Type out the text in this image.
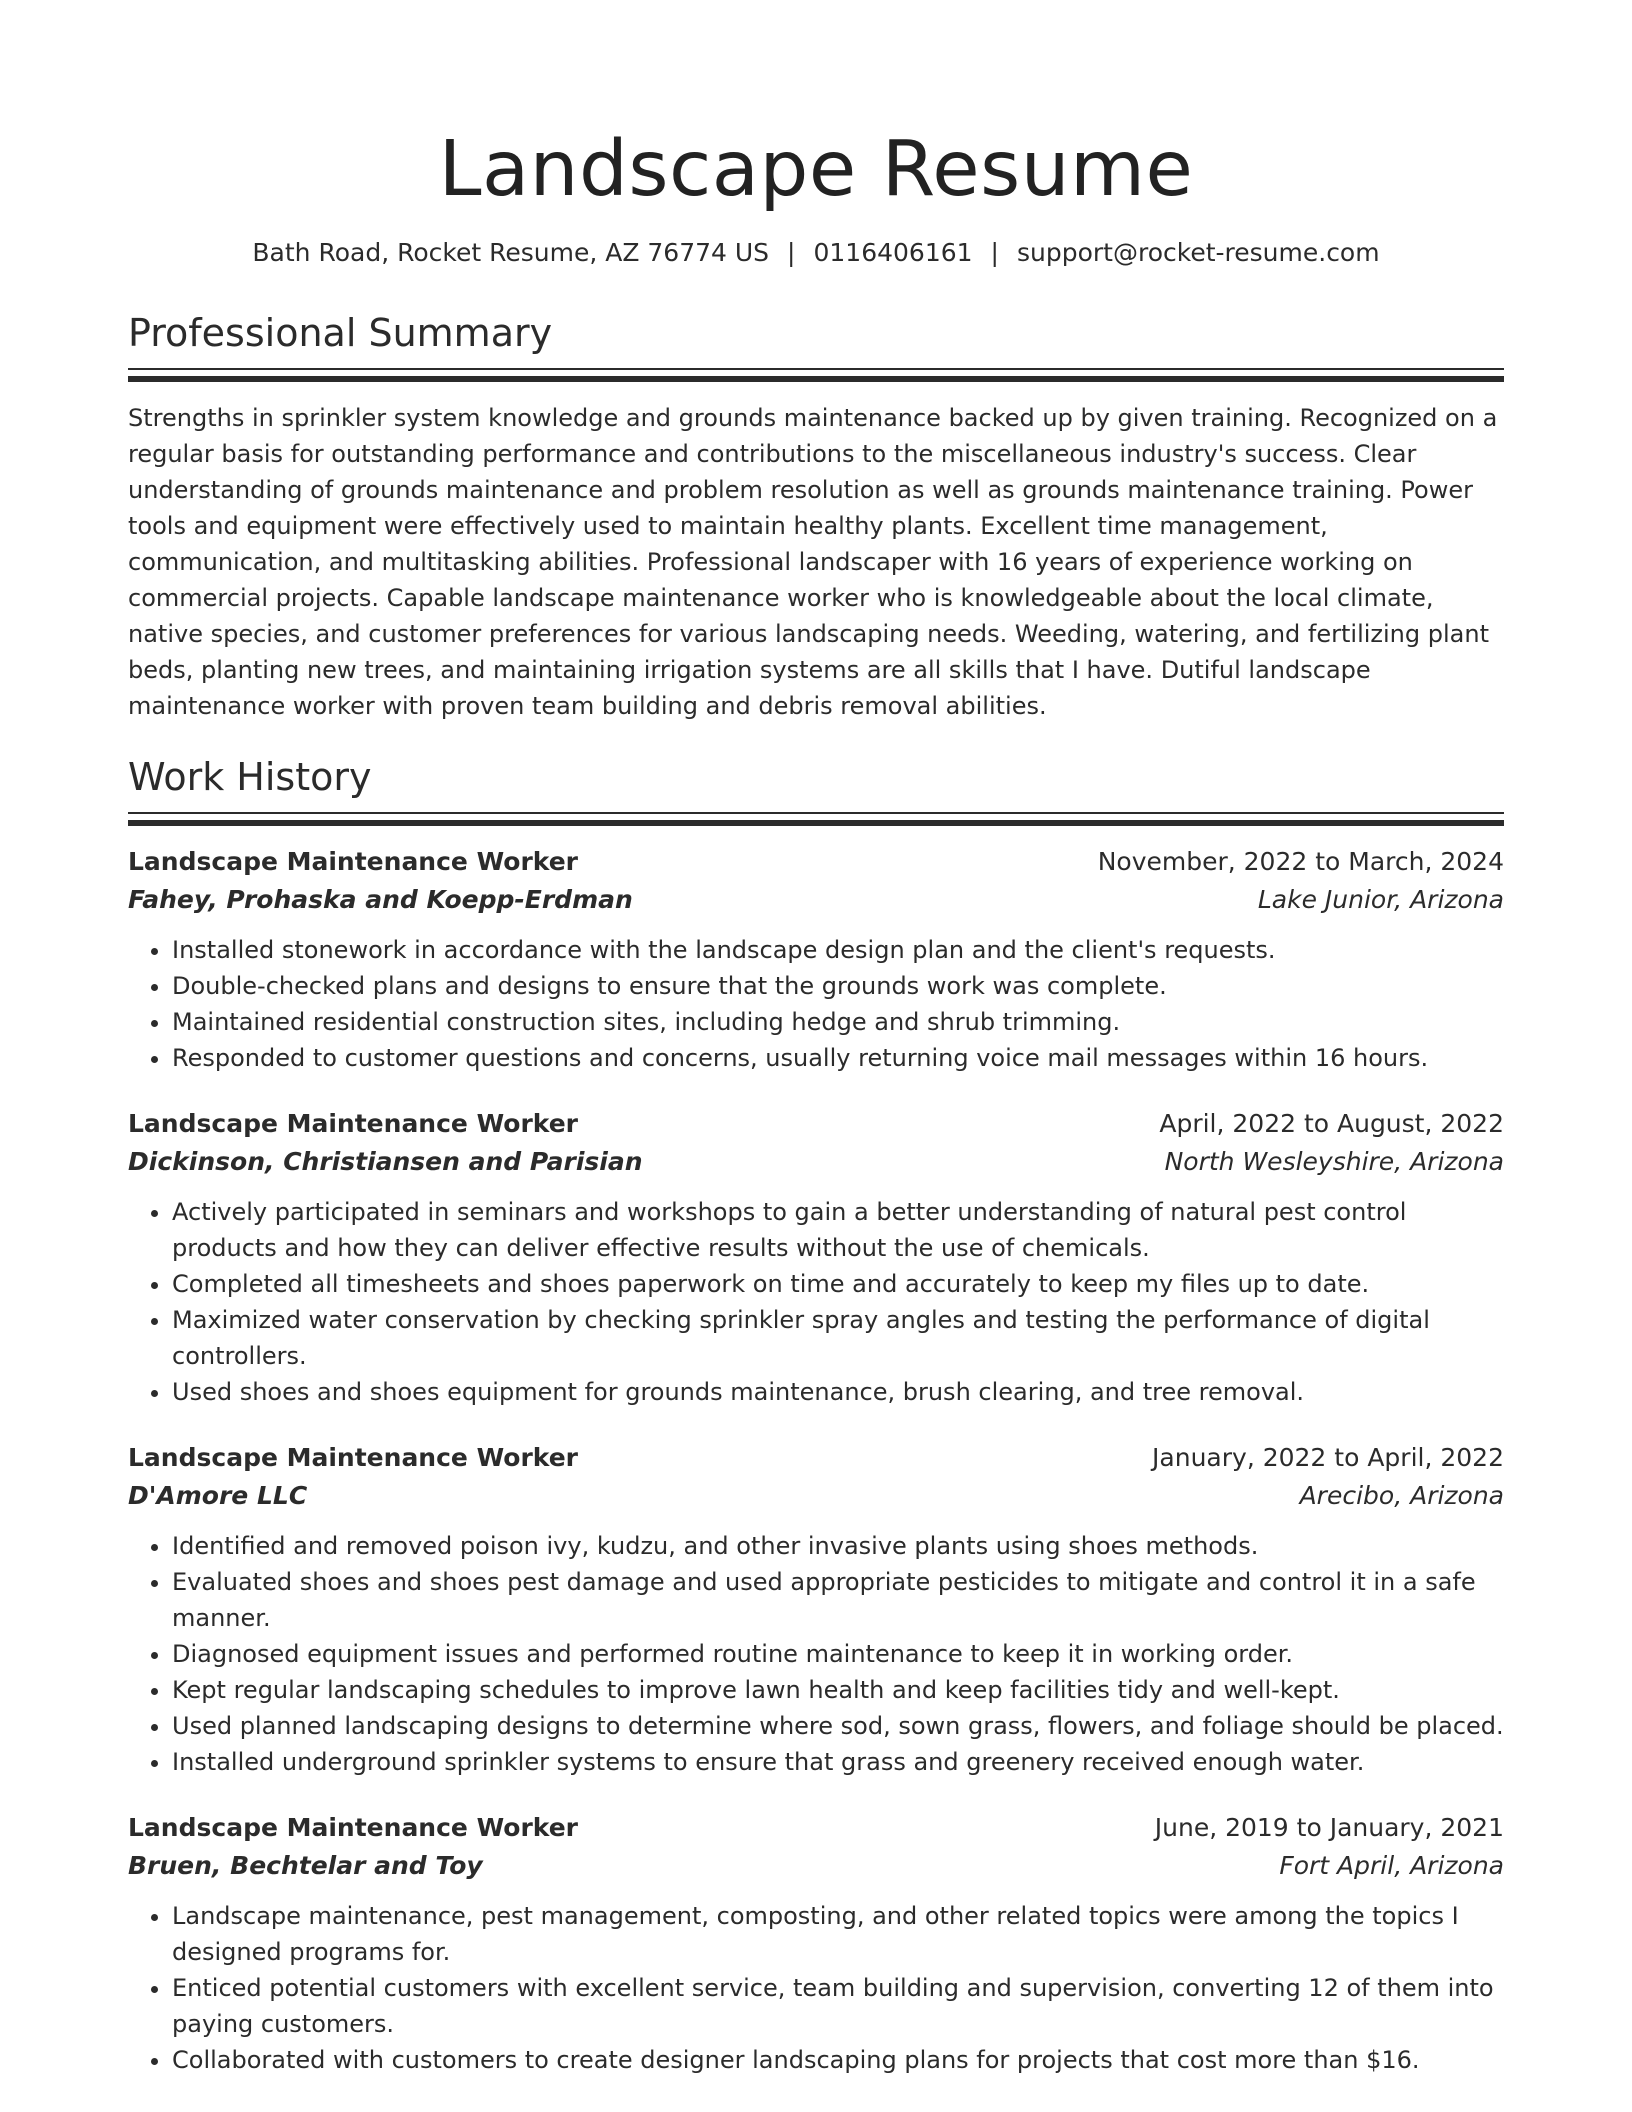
Landscape Resume
Bath Road, Rocket Resume, AZ 76774 US | 0116406161 | support@rocket-resume.com
Professional Summary

Strengths in sprinkler system knowledge and grounds maintenance backed up by given training. Recognized on a regular basis for outstanding performance and contributions to the miscellaneous industry's success. Clear understanding of grounds maintenance and problem resolution as well as grounds maintenance training. Power tools and equipment were effectively used to maintain healthy plants. Excellent time management, communication, and multitasking abilities. Professional landscaper with 16 years of experience working on commercial projects. Capable landscape maintenance worker who is knowledgeable about the local climate, native species, and customer preferences for various landscaping needs. Weeding, watering, and fertilizing plant beds, planting new trees, and maintaining irrigation systems are all skills that I have. Dutiful landscape maintenance worker with proven team building and debris removal abilities.

Work History
Landscape Maintenance Worker	November, 2022 to March, 2024
Fahey, Prohaska and Koepp-Erdman	Lake Junior, Arizona
• Installed stonework in accordance with the landscape design plan and the client's requests.
• Double-checked plans and designs to ensure that the grounds work was complete.
• Maintained residential construction sites, including hedge and shrub trimming.
• Responded to customer questions and concerns, usually returning voice mail messages within 16 hours.
Landscape Maintenance Worker	April, 2022 to August, 2022
Dickinson, Christiansen and Parisian	North Wesleyshire, Arizona
• Actively participated in seminars and workshops to gain a better understanding of natural pest control products and how they can deliver effective results without the use of chemicals.
• Completed all timesheets and shoes paperwork on time and accurately to keep my files up to date.
• Maximized water conservation by checking sprinkler spray angles and testing the performance of digital controllers.
• Used shoes and shoes equipment for grounds maintenance, brush clearing, and tree removal.
Landscape Maintenance Worker	January, 2022 to April, 2022
D'Amore LLC	Arecibo, Arizona
• Identified and removed poison ivy, kudzu, and other invasive plants using shoes methods.
• Evaluated shoes and shoes pest damage and used appropriate pesticides to mitigate and control it in a safe manner.
• Diagnosed equipment issues and performed routine maintenance to keep it in working order.
• Kept regular landscaping schedules to improve lawn health and keep facilities tidy and well-kept.
• Used planned landscaping designs to determine where sod, sown grass, flowers, and foliage should be placed.
• Installed underground sprinkler systems to ensure that grass and greenery received enough water.
Landscape Maintenance Worker	June, 2019 to January, 2021
Bruen, Bechtelar and Toy	Fort April, Arizona
• Landscape maintenance, pest management, composting, and other related topics were among the topics I designed programs for.
• Enticed potential customers with excellent service, team building and supervision, converting 12 of them into paying customers.
• Collaborated with customers to create designer landscaping plans for projects that cost more than $16.
